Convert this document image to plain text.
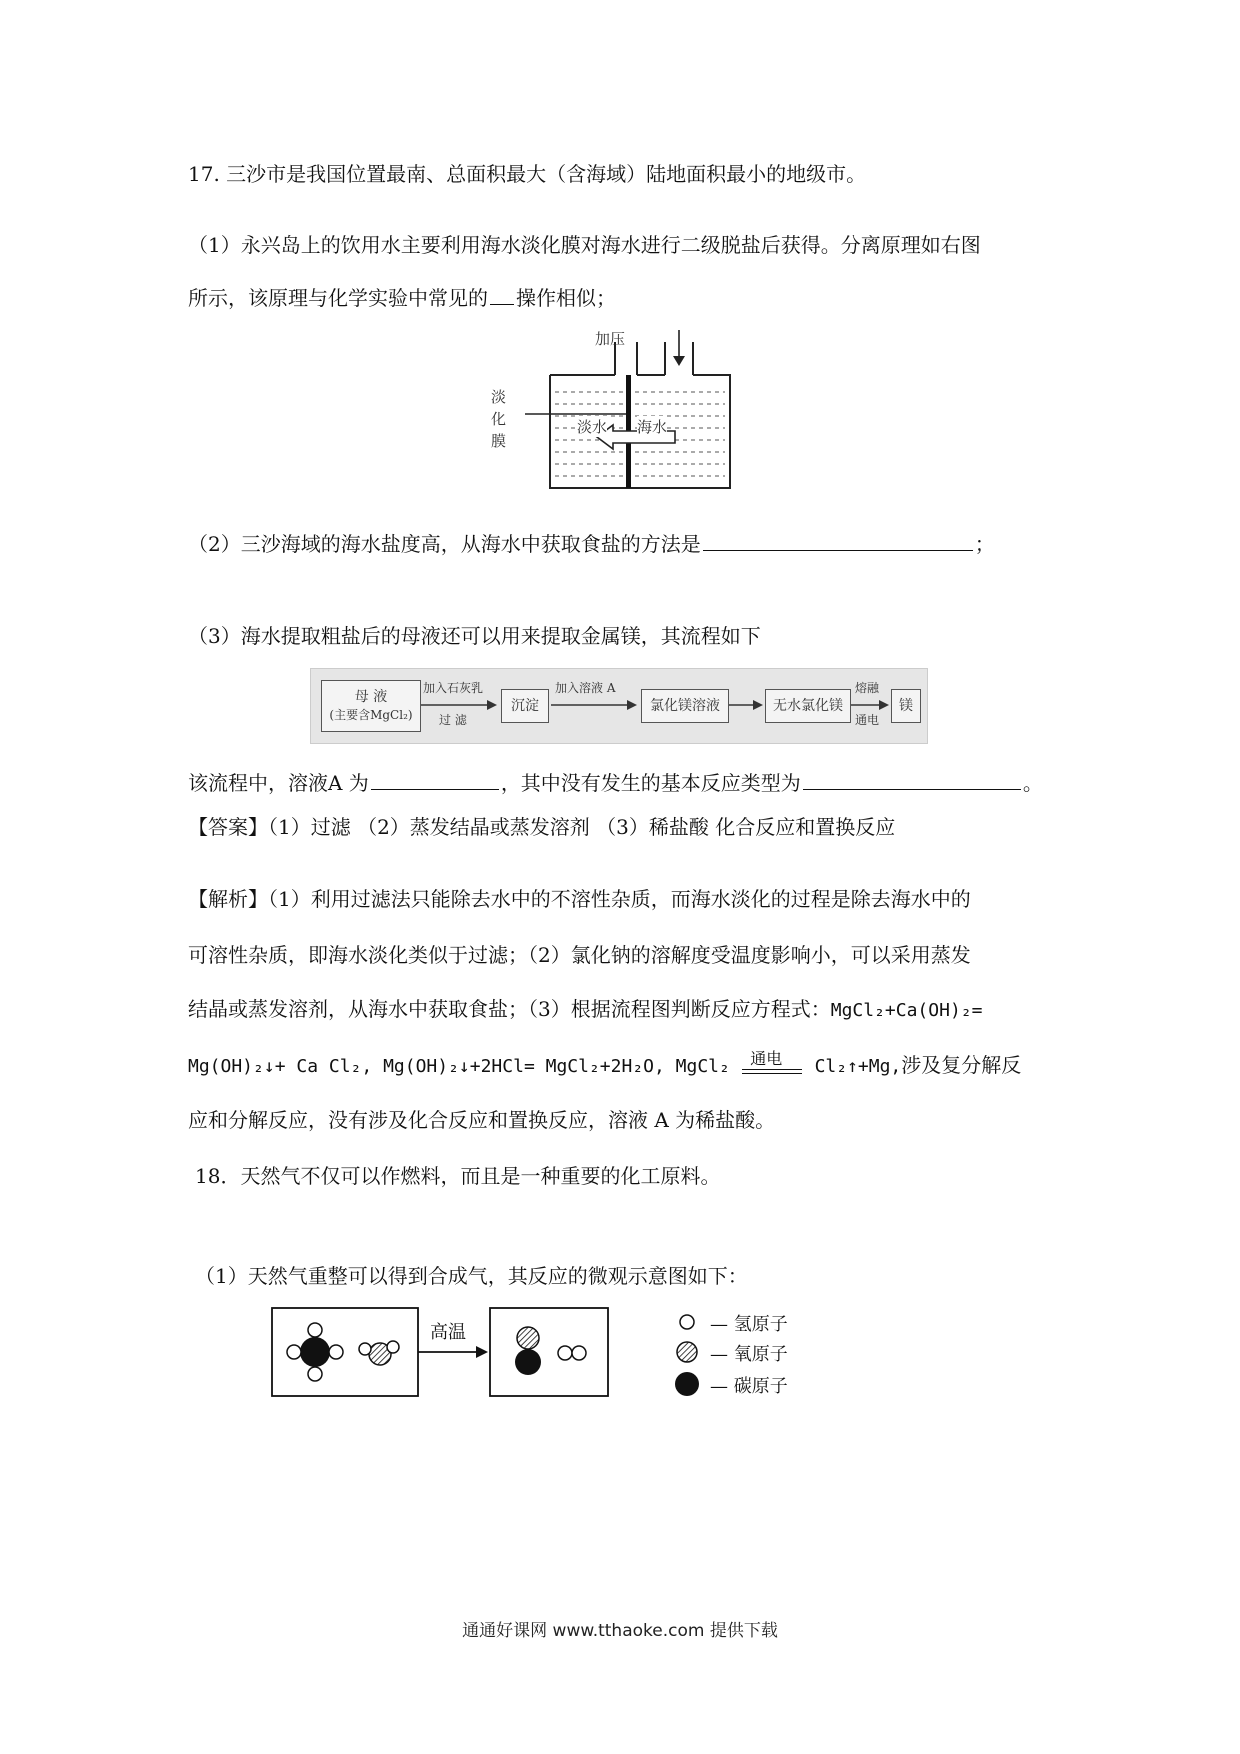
17. 三沙市是我国位置最南、总面积最大（含海域）陆地面积最小的地级市。
（1）永兴岛上的饮用水主要利用海水淡化膜对海水进行二级脱盐后获得。分离原理如右图
所示，该原理与化学实验中常见的 操作相似；
加压
淡化膜
淡水 海水
（2）三沙海域的海水盐度高，从海水中获取食盐的方法是	；
（3）海水提取粗盐后的母液还可以用来提取金属镁，其流程如下
母 液
(主要含MgCl₂)
加入石灰乳
过 滤
沉淀
加入溶液 A
氯化镁溶液	无水氯化镁
熔融
通电
镁
该流程中，溶液A 为	，其中没有发生的基本反应类型为	。
【答案】（1）过滤 （2）蒸发结晶或蒸发溶剂 （3）稀盐酸 化合反应和置换反应
【解析】（1）利用过滤法只能除去水中的不溶性杂质，而海水淡化的过程是除去海水中的
可溶性杂质，即海水淡化类似于过滤；（2）氯化钠的溶解度受温度影响小，可以采用蒸发
结晶或蒸发溶剂，从海水中获取食盐；（3）根据流程图判断反应方程式：MgCl₂+Ca(OH)₂=
Mg(OH)₂↓+ Ca Cl₂, Mg(OH)₂↓+2HCl= MgCl₂+2H₂O, MgCl₂ 通电 Cl₂↑+Mg,涉及复分解反
应和分解反应，没有涉及化合反应和置换反应，溶液 A 为稀盐酸。
18．天然气不仅可以作燃料，而且是一种重要的化工原料。
（1）天然气重整可以得到合成气，其反应的微观示意图如下：
高温	— 氢原子
— 氧原子
— 碳原子
通通好课网 www.tthaoke.com 提供下载
